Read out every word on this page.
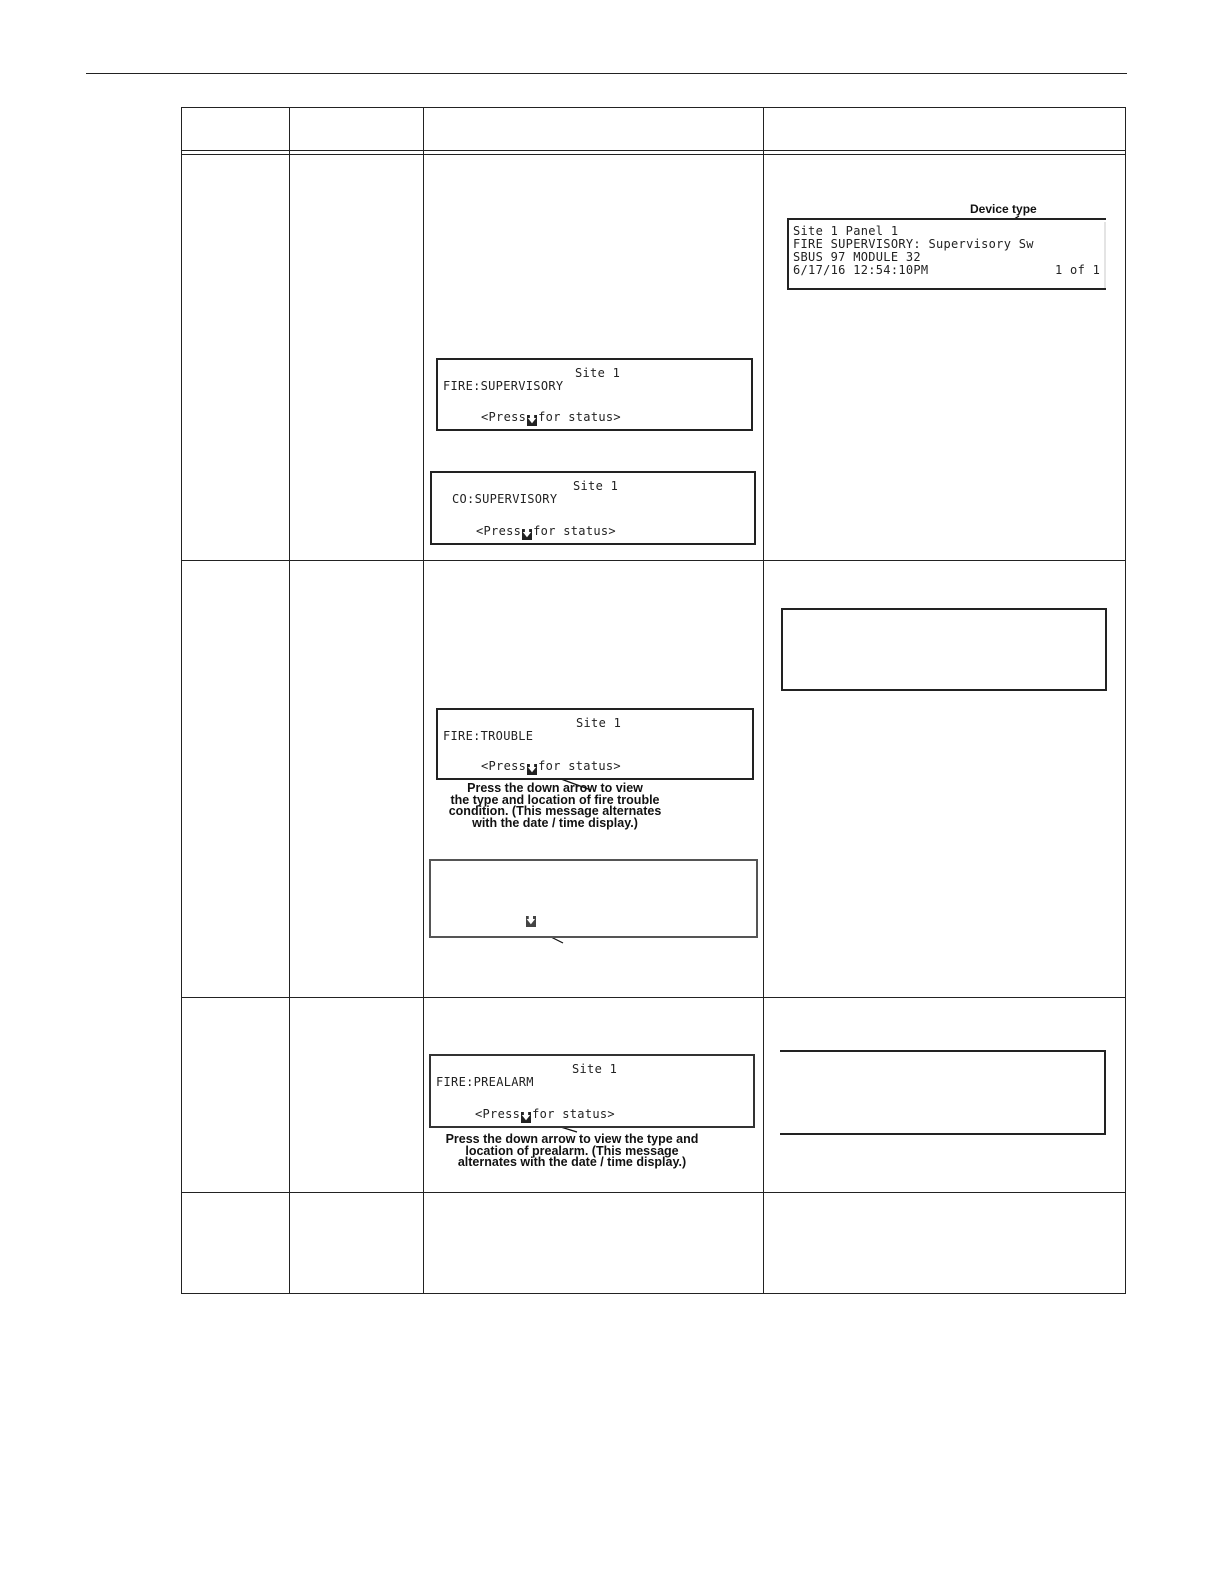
Site 1
FIRE:SUPERVISORY
<Press🡇for status>
Site 1
CO:SUPERVISORY
<Press🡇for status>
Device type
Site 1 Panel 1
FIRE SUPERVISORY: Supervisory Sw
SBUS 97 MODULE 32
6/17/16 12:54:10PM	1 of 1
Site 1
FIRE:TROUBLE
<Press🡇for status>
Press the down arrow to view
the type and location of fire trouble
condition. (This message alternates
with the date / time display.)
🡇
Site 1
FIRE:PREALARM
<Press🡇for status>
Press the down arrow to view the type and
location of prealarm. (This message
alternates with the date / time display.)
